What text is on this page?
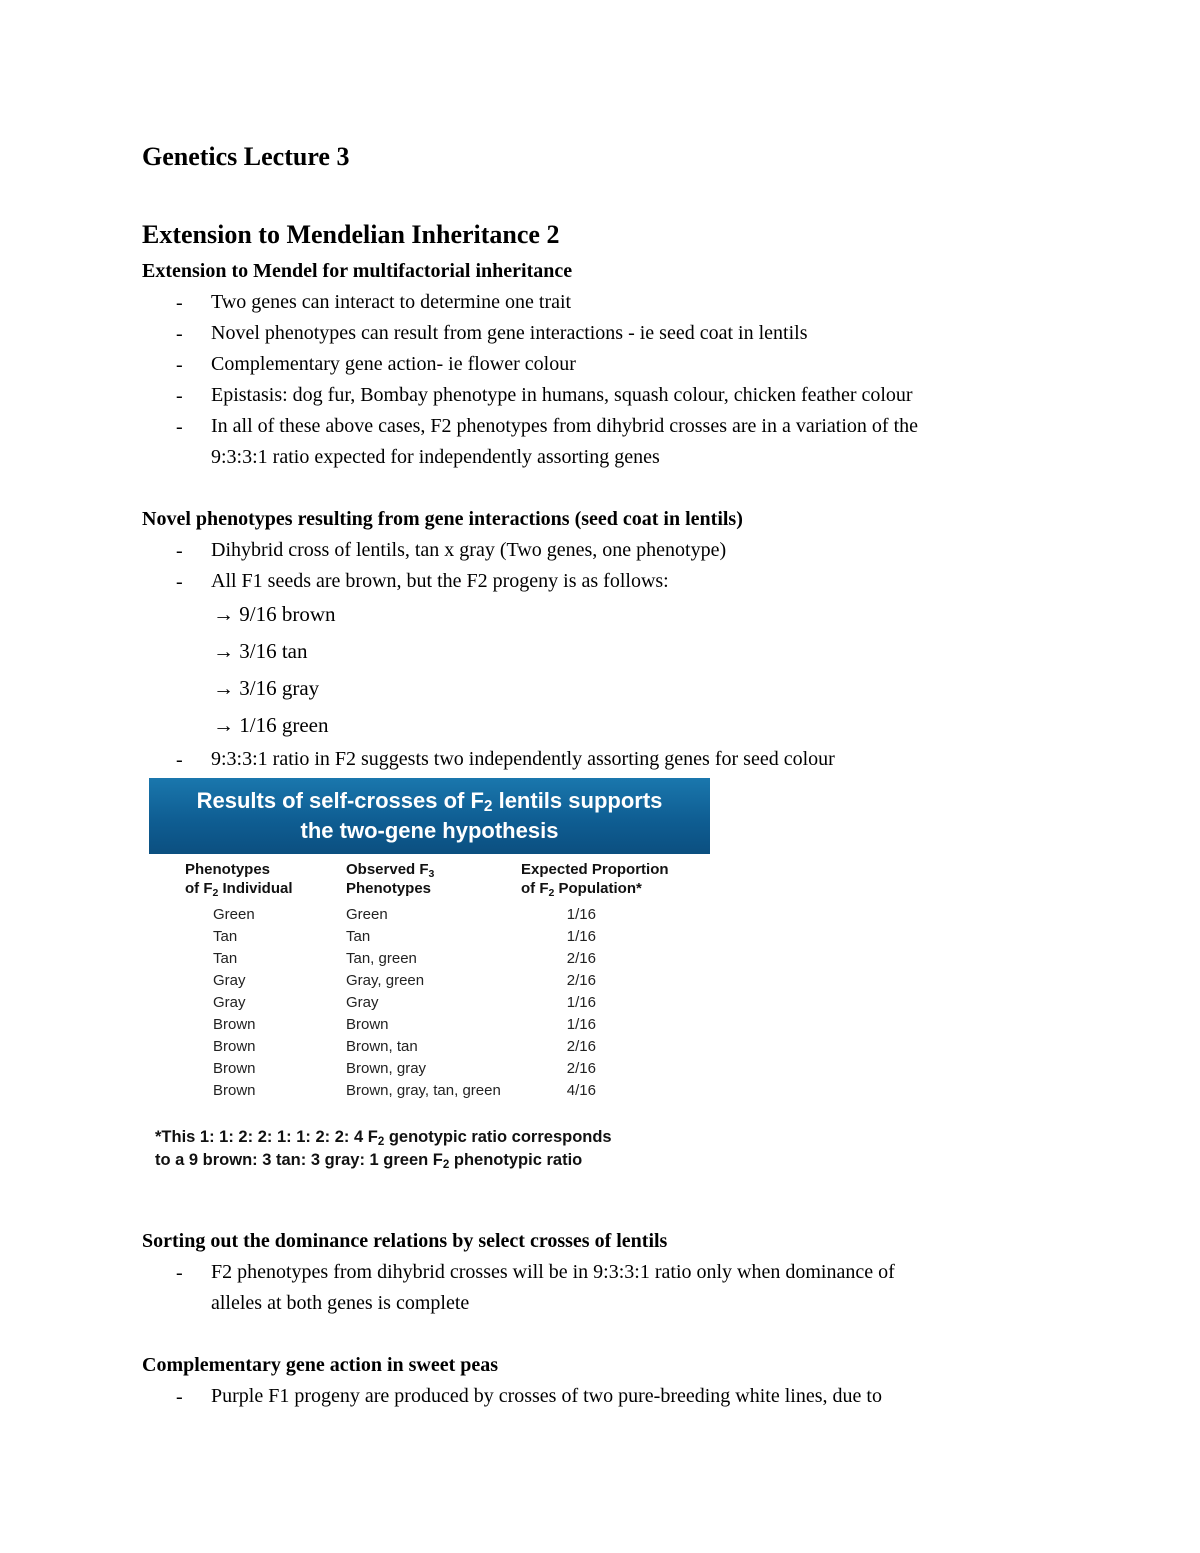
Genetics Lecture 3
Extension to Mendelian Inheritance 2
Extension to Mendel for multifactorial inheritance
- Two genes can interact to determine one trait
- Novel phenotypes can result from gene interactions - ie seed coat in lentils
- Complementary gene action- ie flower colour
- Epistasis: dog fur, Bombay phenotype in humans, squash colour, chicken feather colour
- In all of these above cases, F2 phenotypes from dihybrid crosses are in a variation of the
9:3:3:1 ratio expected for independently assorting genes
Novel phenotypes resulting from gene interactions (seed coat in lentils)
- Dihybrid cross of lentils, tan x gray (Two genes, one phenotype)
- All F1 seeds are brown, but the F2 progeny is as follows:
→ 9/16 brown
→ 3/16 tan
→ 3/16 gray
→ 1/16 green
- 9:3:3:1 ratio in F2 suggests two independently assorting genes for seed colour
Results of self-crosses of $F_2$ lentils supports
the two-gene hypothesis
Phenotypes
of $F_2$ Individual
Observed $F_3$
Phenotypes
Expected Proportion
of $F_2$ Population*
Green	Green	1/16
Tan	Tan	1/16
Tan	Tan, green	2/16
Gray	Gray, green	2/16
Gray	Gray	1/16
Brown	Brown	1/16
Brown	Brown, tan	2/16
Brown	Brown, gray	2/16
Brown	Brown, gray, tan, green	4/16
*This 1: 1: 2: 2: 1: 1: 2: 2: 4 $F_2$ genotypic ratio corresponds
to a 9 brown: 3 tan: 3 gray: 1 green $F_2$ phenotypic ratio
Sorting out the dominance relations by select crosses of lentils
- F2 phenotypes from dihybrid crosses will be in 9:3:3:1 ratio only when dominance of
alleles at both genes is complete
Complementary gene action in sweet peas
- Purple F1 progeny are produced by crosses of two pure-breeding white lines, due to
